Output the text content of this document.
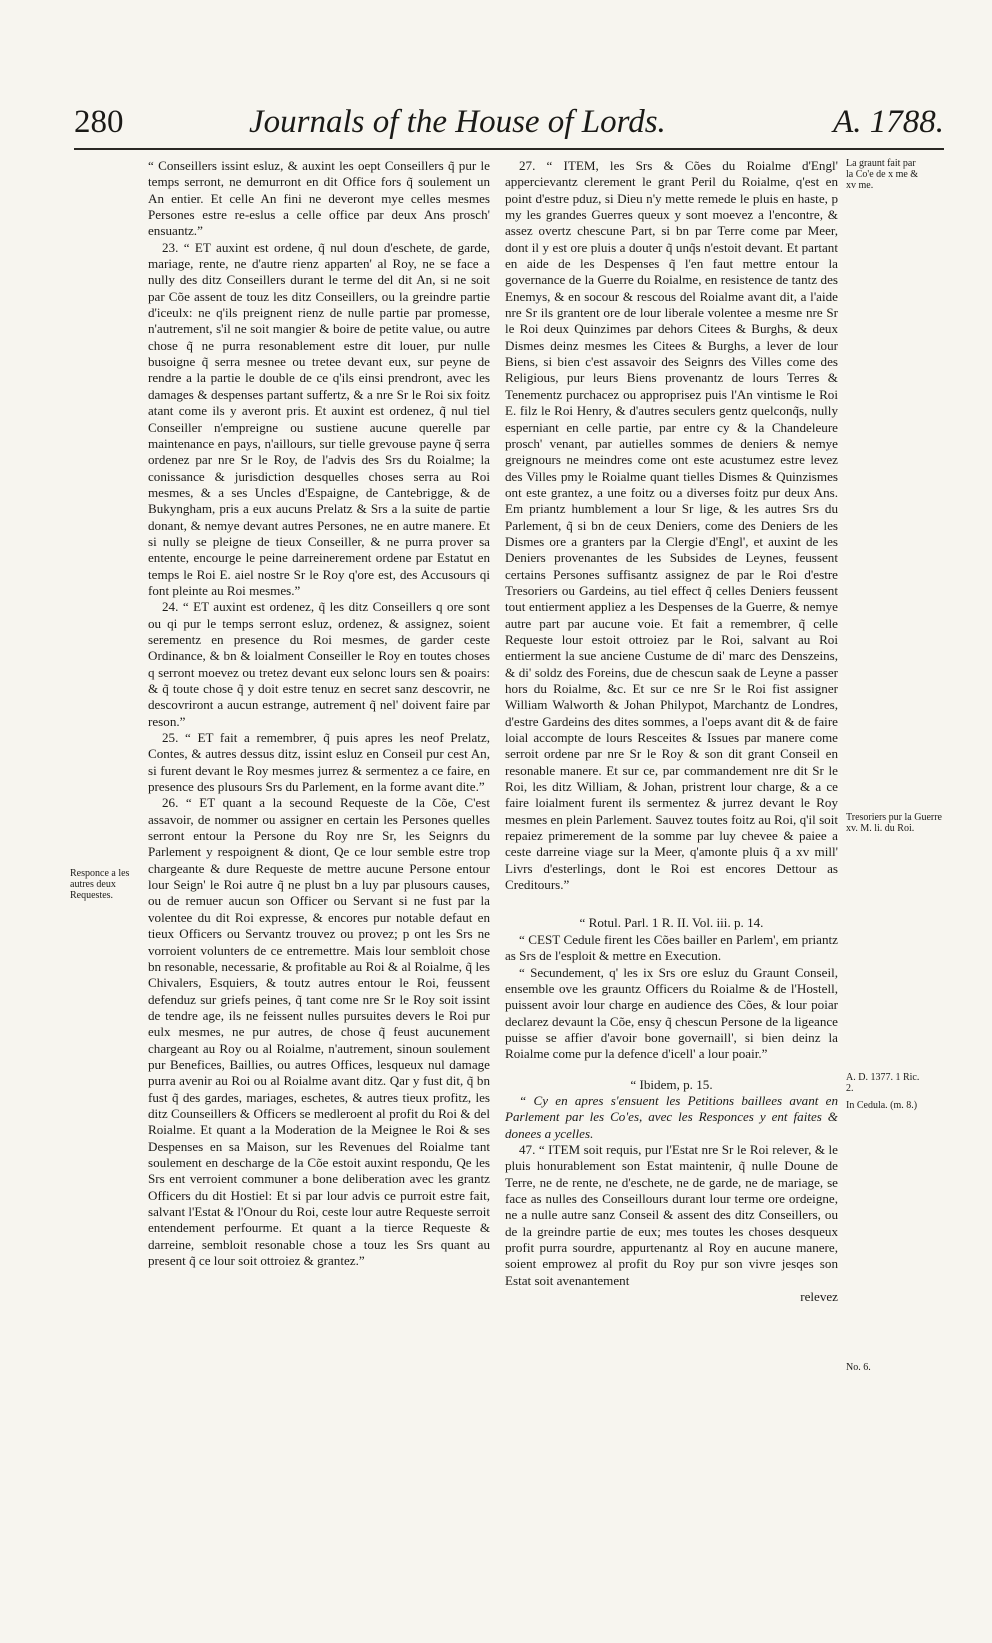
280	Journals of the House of Lords.	A. 1788.

“ Conseillers issint esluz, & auxint les oept Conseillers q̃ pur le temps serront, ne demurront en dit Office fors q̃ soulement un An entier. Et celle An fini ne deveront mye celles mesmes Persones estre re-eslus a celle office par deux Ans prosch' ensuantz.”

23. “ ET auxint est ordene, q̃ nul doun d'eschete, de garde, mariage, rente, ne d'autre rienz apparten' al Roy, ne se face a nully des ditz Conseillers durant le terme del dit An, si ne soit par Cõe assent de touz les ditz Conseillers, ou la greindre partie d'iceulx: ne q'ils preignent rienz de nulle partie par promesse, n'autrement, s'il ne soit mangier & boire de petite value, ou autre chose q̃ ne purra resonablement estre dit louer, pur nulle busoigne q̃ serra mesnee ou tretee devant eux, sur peyne de rendre a la partie le double de ce q'ils einsi prendront, avec les damages & despenses partant suffertz, & a nre Sr le Roi six foitz atant come ils y averont pris. Et auxint est ordenez, q̃ nul tiel Conseiller n'empreigne ou sustiene aucune querelle par maintenance en pays, n'aillours, sur tielle grevouse payne q̃ serra ordenez par nre Sr le Roy, de l'advis des Srs du Roialme; la conissance & jurisdiction desquelles choses serra au Roi mesmes, & a ses Uncles d'Espaigne, de Cantebrigge, & de Bukyngham, pris a eux aucuns Prelatz & Srs a la suite de partie donant, & nemye devant autres Persones, ne en autre manere. Et si nully se pleigne de tieux Conseiller, & ne purra prover sa entente, encourge le peine darreinerement ordene par Estatut en temps le Roi E. aiel nostre Sr le Roy q'ore est, des Accusours qi font pleinte au Roi mesmes.”

24. “ ET auxint est ordenez, q̃ les ditz Conseillers q ore sont ou qi pur le temps serront esluz, ordenez, & assignez, soient serementz en presence du Roi mesmes, de garder ceste Ordinance, & bn & loialment Conseiller le Roy en toutes choses q serront moevez ou tretez devant eux selonc lours sen & poairs: & q̃ toute chose q̃ y doit estre tenuz en secret sanz descovrir, ne descovriront a aucun estrange, autrement q̃ nel' doivent faire par reson.”

25. “ ET fait a remembrer, q̃ puis apres les neof Prelatz, Contes, & autres dessus ditz, issint esluz en Conseil pur cest An, si furent devant le Roy mesmes jurrez & sermentez a ce faire, en presence des plusours Srs du Parlement, en la forme avant dite.”

26. “ ET quant a la secound Requeste de la Cõe, C'est assavoir, de nommer ou assigner en certain les Persones quelles serront entour la Persone du Roy nre Sr, les Seignrs du Parlement y respoignent & diont, Qe ce lour semble estre trop chargeante & dure Requeste de mettre aucune Persone entour lour Seign' le Roi autre q̃ ne plust bn a luy par plusours causes, ou de remuer aucun son Officer ou Servant si ne fust par la volentee du dit Roi expresse, & encores pur notable defaut en tieux Officers ou Servantz trouvez ou provez; p ont les Srs ne vorroient volunters de ce entremettre. Mais lour sembloit chose bn resonable, necessarie, & profitable au Roi & al Roialme, q̃ les Chivalers, Esquiers, & toutz autres entour le Roi, feussent defenduz sur griefs peines, q̃ tant come nre Sr le Roy soit issint de tendre age, ils ne feissent nulles pursuites devers le Roi pur eulx mesmes, ne pur autres, de chose q̃ feust aucunement chargeant au Roy ou al Roialme, n'autrement, sinoun soulement pur Benefices, Baillies, ou autres Offices, lesqueux nul damage purra avenir au Roi ou al Roialme avant ditz. Qar y fust dit, q̃ bn fust q̃ des gardes, mariages, eschetes, & autres tieux profitz, les ditz Counseillers & Officers se medleroent al profit du Roi & del Roialme. Et quant a la Moderation de la Meignee le Roi & ses Despenses en sa Maison, sur les Revenues del Roialme tant soulement en descharge de la Cõe estoit auxint respondu, Qe les Srs ent verroient communer a bone deliberation avec les grantz Officers du dit Hostiel: Et si par lour advis ce purroit estre fait, salvant l'Estat & l'Onour du Roi, ceste lour autre Requeste serroit entendement perfourme. Et quant a la tierce Requeste & darreine, sembloit resonable chose a touz les Srs quant au present q̃ ce lour soit ottroiez & grantez.”

27. “ ITEM, les Srs & Cões du Roialme d'Engl' appercievantz clerement le grant Peril du Roialme, q'est en point d'estre pduz, si Dieu n'y mette remede le pluis en haste, p my les grandes Guerres queux y sont moevez a l'encontre, & assez overtz chescune Part, si bn par Terre come par Meer, dont il y est ore pluis a douter q̃ unq̃s n'estoit devant. Et partant en aide de les Despenses q̃ l'en faut mettre entour la governance de la Guerre du Roialme, en resistence de tantz des Enemys, & en socour & rescous del Roialme avant dit, a l'aide nre Sr ils grantent ore de lour liberale volentee a mesme nre Sr le Roi deux Quinzimes par dehors Citees & Burghs, & deux Dismes deinz mesmes les Citees & Burghs, a lever de lour Biens, si bien c'est assavoir des Seignrs des Villes come des Religious, pur leurs Biens provenantz de lours Terres & Tenementz purchacez ou approprisez puis l'An vintisme le Roi E. filz le Roi Henry, & d'autres seculers gentz quelconq̃s, nully esperniant en celle partie, par entre cy & la Chandeleure prosch' venant, par autielles sommes de deniers & nemye greignours ne meindres come ont este acustumez estre levez des Villes pmy le Roialme quant tielles Dismes & Quinzismes ont este grantez, a une foitz ou a diverses foitz pur deux Ans. Em priantz humblement a lour Sr lige, & les autres Srs du Parlement, q̃ si bn de ceux Deniers, come des Deniers de les Dismes ore a granters par la Clergie d'Engl', et auxint de les Deniers provenantes de les Subsides de Leynes, feussent certains Persones suffisantz assignez de par le Roi d'estre Tresoriers ou Gardeins, au tiel effect q̃ celles Deniers feussent tout entierment appliez a les Despenses de la Guerre, & nemye autre part par aucune voie. Et fait a remembrer, q̃ celle Requeste lour estoit ottroiez par le Roi, salvant au Roi entierment la sue anciene Custume de di' marc des Denszeins, & di' soldz des Foreins, due de chescun saak de Leyne a passer hors du Roialme, &c. Et sur ce nre Sr le Roi fist assigner William Walworth & Johan Philypot, Marchantz de Londres, d'estre Gardeins des dites sommes, a l'oeps avant dit & de faire loial accompte de lours Resceites & Issues par manere come serroit ordene par nre Sr le Roy & son dit grant Conseil en resonable manere. Et sur ce, par commandement nre dit Sr le Roi, les ditz William, & Johan, pristrent lour charge, & a ce faire loialment furent ils sermentez & jurrez devant le Roy mesmes en plein Parlement. Sauvez toutes foitz au Roi, q'il soit repaiez primerement de la somme par luy chevee & paiee a ceste darreine viage sur la Meer, q'amonte pluis q̃ a xv mill' Livrs d'esterlings, dont le Roi est encores Dettour as Creditours.”

“ Rotul. Parl. 1 R. II. Vol. iii. p. 14.

“ CEST Cedule firent les Cões bailler en Parlem', em priantz as Srs de l'esploit & mettre en Execution.

“ Secundement, q' les ix Srs ore esluz du Graunt Conseil, ensemble ove les grauntz Officers du Roialme & de l'Hostell, puissent avoir lour charge en audience des Cões, & lour poiar declarez devaunt la Cõe, ensy q̃ chescun Persone de la ligeance puisse se affier d'avoir bone governaill', si bien deinz la Roialme come pur la defence d'icell' a lour poair.”

“ Ibidem, p. 15.

“ Cy en apres s'ensuent les Petitions baillees avant en Parlement par les Co'es, avec les Responces y ent faites & donees a ycelles.

47. “ ITEM soit requis, pur l'Estat nre Sr le Roi relever, & le pluis honurablement son Estat maintenir, q̃ nulle Doune de Terre, ne de rente, ne d'eschete, ne de garde, ne de mariage, se face as nulles des Conseillours durant lour terme ore ordeigne, ne a nulle autre sanz Conseil & assent des ditz Conseillers, ou de la greindre partie de eux; mes toutes les choses desqueux profit purra sourdre, appurtenantz al Roy en aucune manere, soient emprowez al profit du Roy pur son vivre jesqes son Estat soit avenantement

relevez

Responce a les autres deux Requestes.
La graunt fait par la Co'e de x me & xv me.
Tresoriers pur la Guerre xv. M. li. du Roi.
A. D. 1377. 1 Ric. 2.
In Cedula. (m. 8.)
No. 6.
